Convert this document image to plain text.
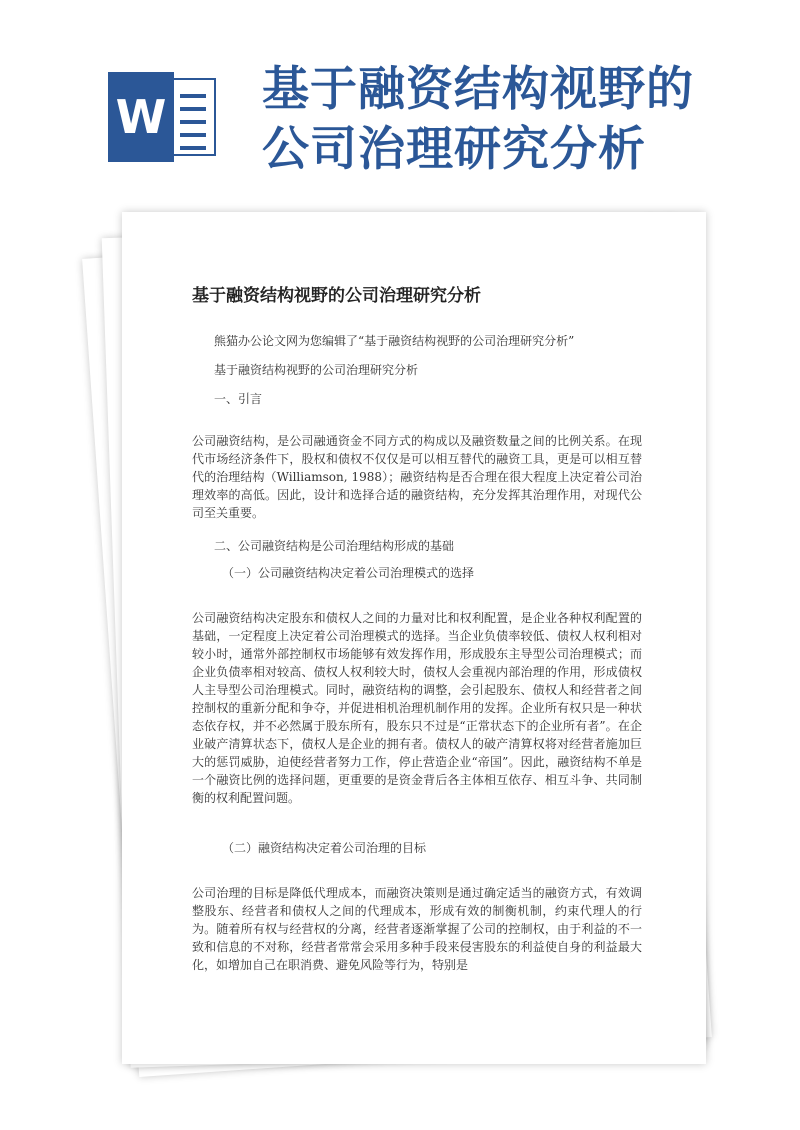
W 基于融资结构视野的公司治理研究分析
基于融资结构视野的公司治理研究分析

熊猫办公论文网为您编辑了“基于融资结构视野的公司治理研究分析”

基于融资结构视野的公司治理研究分析

一、引言

公司融资结构，是公司融通资金不同方式的构成以及融资数量之间的比例关系。在现代市场经济条件下，股权和债权不仅仅是可以相互替代的融资工具，更是可以相互替代的治理结构（Williamson, 1988）；融资结构是否合理在很大程度上决定着公司治理效率的高低。因此，设计和选择合适的融资结构，充分发挥其治理作用，对现代公司至关重要。

二、公司融资结构是公司治理结构形成的基础

（一）公司融资结构决定着公司治理模式的选择

公司融资结构决定股东和债权人之间的力量对比和权利配置，是企业各种权利配置的基础，一定程度上决定着公司治理模式的选择。当企业负债率较低、债权人权利相对较小时，通常外部控制权市场能够有效发挥作用，形成股东主导型公司治理模式；而企业负债率相对较高、债权人权利较大时，债权人会重视内部治理的作用，形成债权人主导型公司治理模式。同时，融资结构的调整，会引起股东、债权人和经营者之间控制权的重新分配和争夺，并促进相机治理机制作用的发挥。企业所有权只是一种状态依存权，并不必然属于股东所有，股东只不过是“正常状态下的企业所有者”。在企业破产清算状态下，债权人是企业的拥有者。债权人的破产清算权将对经营者施加巨大的惩罚威胁，迫使经营者努力工作，停止营造企业“帝国”。因此，融资结构不单是一个融资比例的选择问题，更重要的是资金背后各主体相互依存、相互斗争、共同制衡的权利配置问题。

（二）融资结构决定着公司治理的目标

公司治理的目标是降低代理成本，而融资决策则是通过确定适当的融资方式，有效调整股东、经营者和债权人之间的代理成本，形成有效的制衡机制，约束代理人的行为。随着所有权与经营权的分离，经营者逐渐掌握了公司的控制权，由于利益的不一致和信息的不对称，经营者常常会采用多种手段来侵害股东的利益使自身的利益最大化，如增加自己在职消费、避免风险等行为，特别是
